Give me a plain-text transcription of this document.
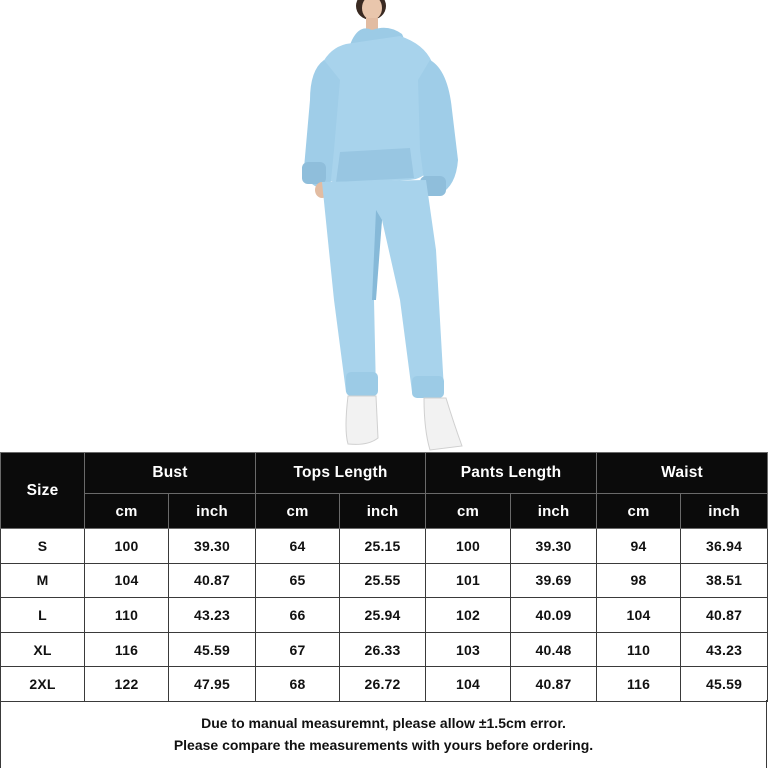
Size	Bust		Tops Length		Pants Length		Waist	
	cm	inch	cm	inch	cm	inch	cm	inch
S	100	39.30	64	25.15	100	39.30	94	36.94
M	104	40.87	65	25.55	101	39.69	98	38.51
L	110	43.23	66	25.94	102	40.09	104	40.87
XL	116	45.59	67	26.33	103	40.48	110	43.23
2XL	122	47.95	68	26.72	104	40.87	116	45.59
Due to manual measuremnt, please allow ±1.5cm error.
Please compare the measurements with yours before ordering.
